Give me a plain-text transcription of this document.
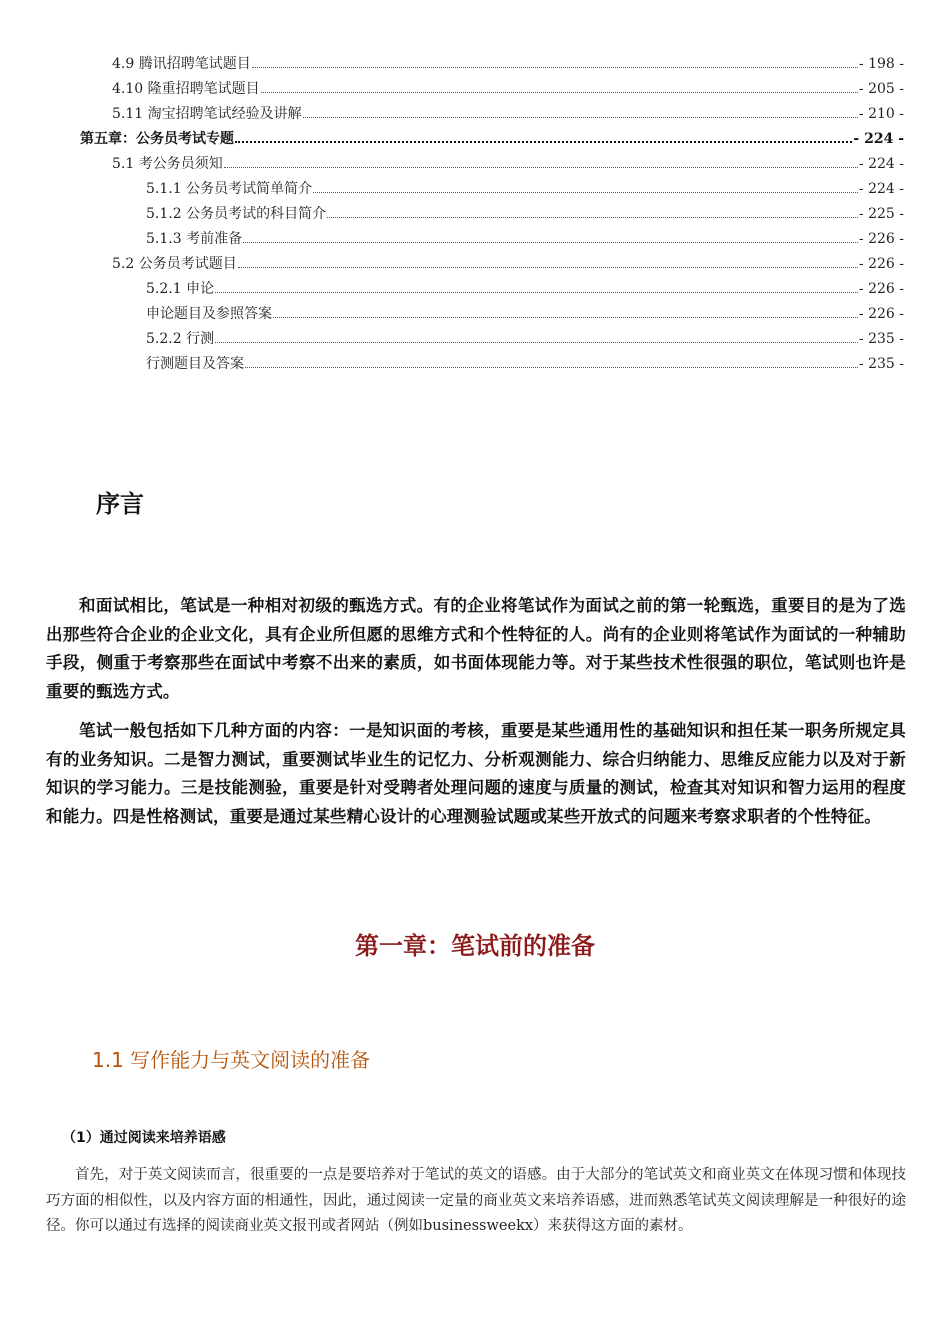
4.9 腾讯招聘笔试题目	- 198 -
4.10 隆重招聘笔试题目	- 205 -
5.11 淘宝招聘笔试经验及讲解	- 210 -
第五章：公务员考试专题	- 224 -
5.1 考公务员须知	- 224 -
5.1.1 公务员考试简单简介	- 224 -
5.1.2 公务员考试的科目简介	- 225 -
5.1.3 考前准备	- 226 -
5.2 公务员考试题目	- 226 -
5.2.1 申论	- 226 -
申论题目及参照答案	- 226 -
5.2.2 行测	- 235 -
行测题目及答案	- 235 -
序言

和面试相比，笔试是一种相对初级的甄选方式。有的企业将笔试作为面试之前的第一轮甄选，重要目的是为了选出那些符合企业的企业文化，具有企业所但愿的思维方式和个性特征的人。尚有的企业则将笔试作为面试的一种辅助手段，侧重于考察那些在面试中考察不出来的素质，如书面体现能力等。对于某些技术性很强的职位，笔试则也许是重要的甄选方式。

笔试一般包括如下几种方面的内容：一是知识面的考核，重要是某些通用性的基础知识和担任某一职务所规定具有的业务知识。二是智力测试，重要测试毕业生的记忆力、分析观测能力、综合归纳能力、思维反应能力以及对于新知识的学习能力。三是技能测验，重要是针对受聘者处理问题的速度与质量的测试，检查其对知识和智力运用的程度和能力。四是性格测试，重要是通过某些精心设计的心理测验试题或某些开放式的问题来考察求职者的个性特征。

第一章：笔试前的准备
1.1 写作能力与英文阅读的准备
（1）通过阅读来培养语感

首先，对于英文阅读而言，很重要的一点是要培养对于笔试的英文的语感。由于大部分的笔试英文和商业英文在体现习惯和体现技巧方面的相似性，以及内容方面的相通性，因此，通过阅读一定量的商业英文来培养语感，进而熟悉笔试英文阅读理解是一种很好的途径。你可以通过有选择的阅读商业英文报刊或者网站（例如businessweekx）来获得这方面的素材。
